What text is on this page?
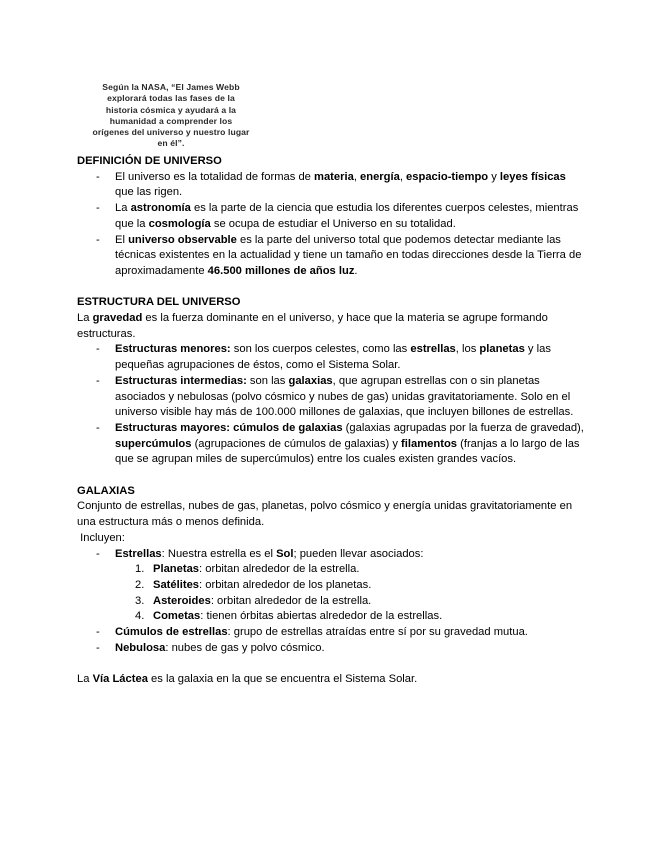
Según la NASA, “El James Webb
explorará todas las fases de la
historia cósmica y ayudará a la
humanidad a comprender los
orígenes del universo y nuestro lugar
en él”.

DEFINICIÓN DE UNIVERSO

- El universo es la totalidad de formas de materia, energía, espacio-tiempo y leyes físicas que las rigen.
- La astronomía es la parte de la ciencia que estudia los diferentes cuerpos celestes, mientras que la cosmología se ocupa de estudiar el Universo en su totalidad.
- El universo observable es la parte del universo total que podemos detectar mediante las técnicas existentes en la actualidad y tiene un tamaño en todas direcciones desde la Tierra de aproximadamente 46.500 millones de años luz.

ESTRUCTURA DEL UNIVERSO

La gravedad es la fuerza dominante en el universo, y hace que la materia se agrupe formando estructuras.

- Estructuras menores: son los cuerpos celestes, como las estrellas, los planetas y las pequeñas agrupaciones de éstos, como el Sistema Solar.
- Estructuras intermedias: son las galaxias, que agrupan estrellas con o sin planetas asociados y nebulosas (polvo cósmico y nubes de gas) unidas gravitatoriamente. Solo en el universo visible hay más de 100.000 millones de galaxias, que incluyen billones de estrellas.
- Estructuras mayores: cúmulos de galaxias (galaxias agrupadas por la fuerza de gravedad), supercúmulos (agrupaciones de cúmulos de galaxias) y filamentos (franjas a lo largo de las que se agrupan miles de supercúmulos) entre los cuales existen grandes vacíos.

GALAXIAS

Conjunto de estrellas, nubes de gas, planetas, polvo cósmico y energía unidas gravitatoriamente en una estructura más o menos definida.

Incluyen:

- Estrellas: Nuestra estrella es el Sol; pueden llevar asociados:
1. Planetas: orbitan alrededor de la estrella.
2. Satélites: orbitan alrededor de los planetas.
3. Asteroides: orbitan alrededor de la estrella.
4. Cometas: tienen órbitas abiertas alrededor de la estrellas.
- Cúmulos de estrellas: grupo de estrellas atraídas entre sí por su gravedad mutua.
- Nebulosa: nubes de gas y polvo cósmico.

La Vía Láctea es la galaxia en la que se encuentra el Sistema Solar.
